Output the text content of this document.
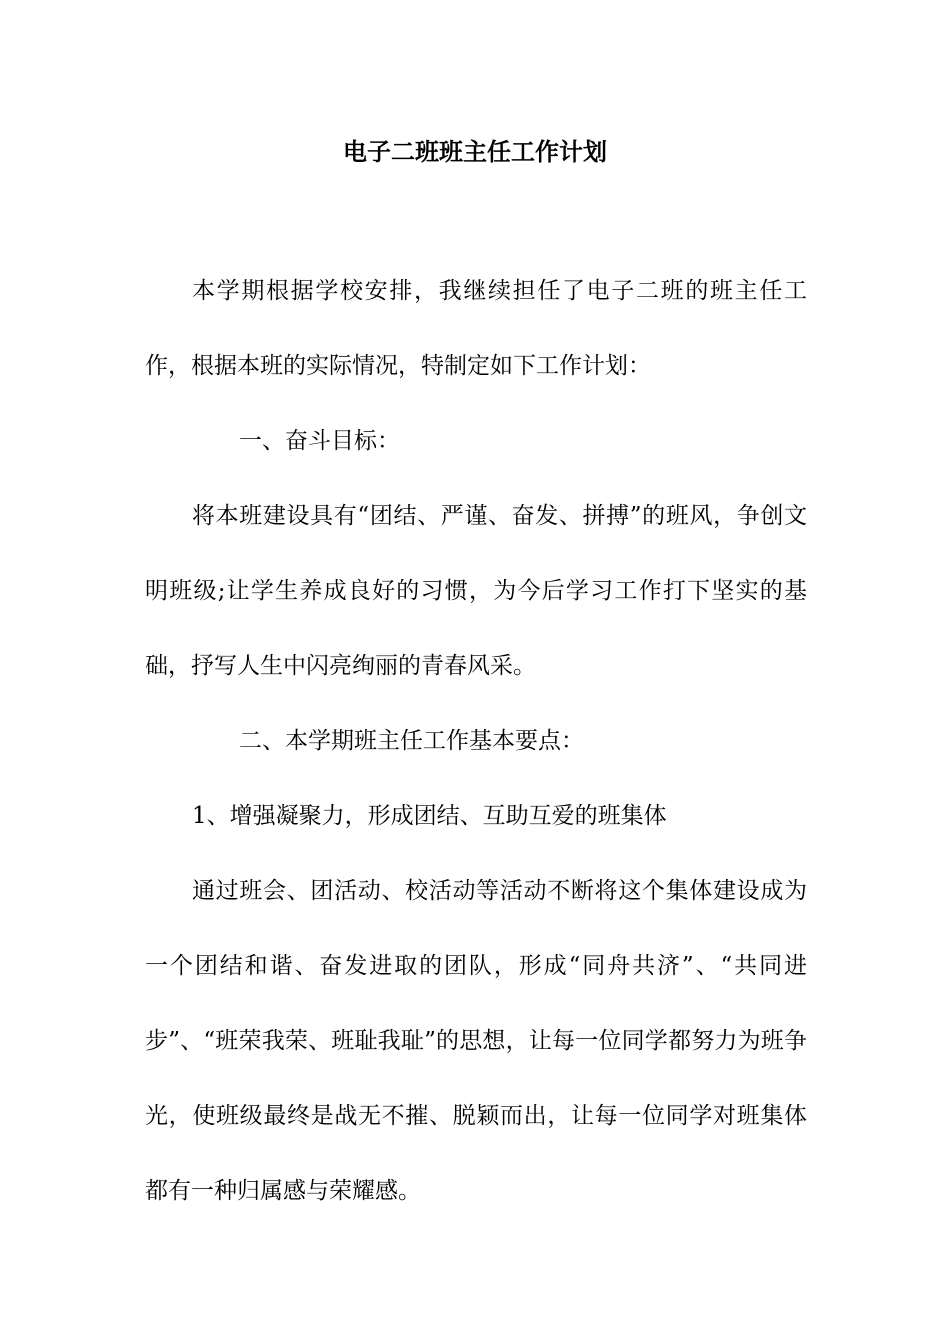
电子二班班主任工作计划

本学期根据学校安排，我继续担任了电子二班的班主任工作，根据本班的实际情况，特制定如下工作计划：

一、奋斗目标：

将本班建设具有“团结、严谨、奋发、拼搏”的班风，争创文明班级;让学生养成良好的习惯，为今后学习工作打下坚实的基础，抒写人生中闪亮绚丽的青春风采。

二、本学期班主任工作基本要点：

1、增强凝聚力，形成团结、互助互爱的班集体

通过班会、团活动、校活动等活动不断将这个集体建设成为一个团结和谐、奋发进取的团队，形成“同舟共济”、“共同进步”、“班荣我荣、班耻我耻”的思想，让每一位同学都努力为班争光，使班级最终是战无不摧、脱颖而出，让每一位同学对班集体都有一种归属感与荣耀感。
